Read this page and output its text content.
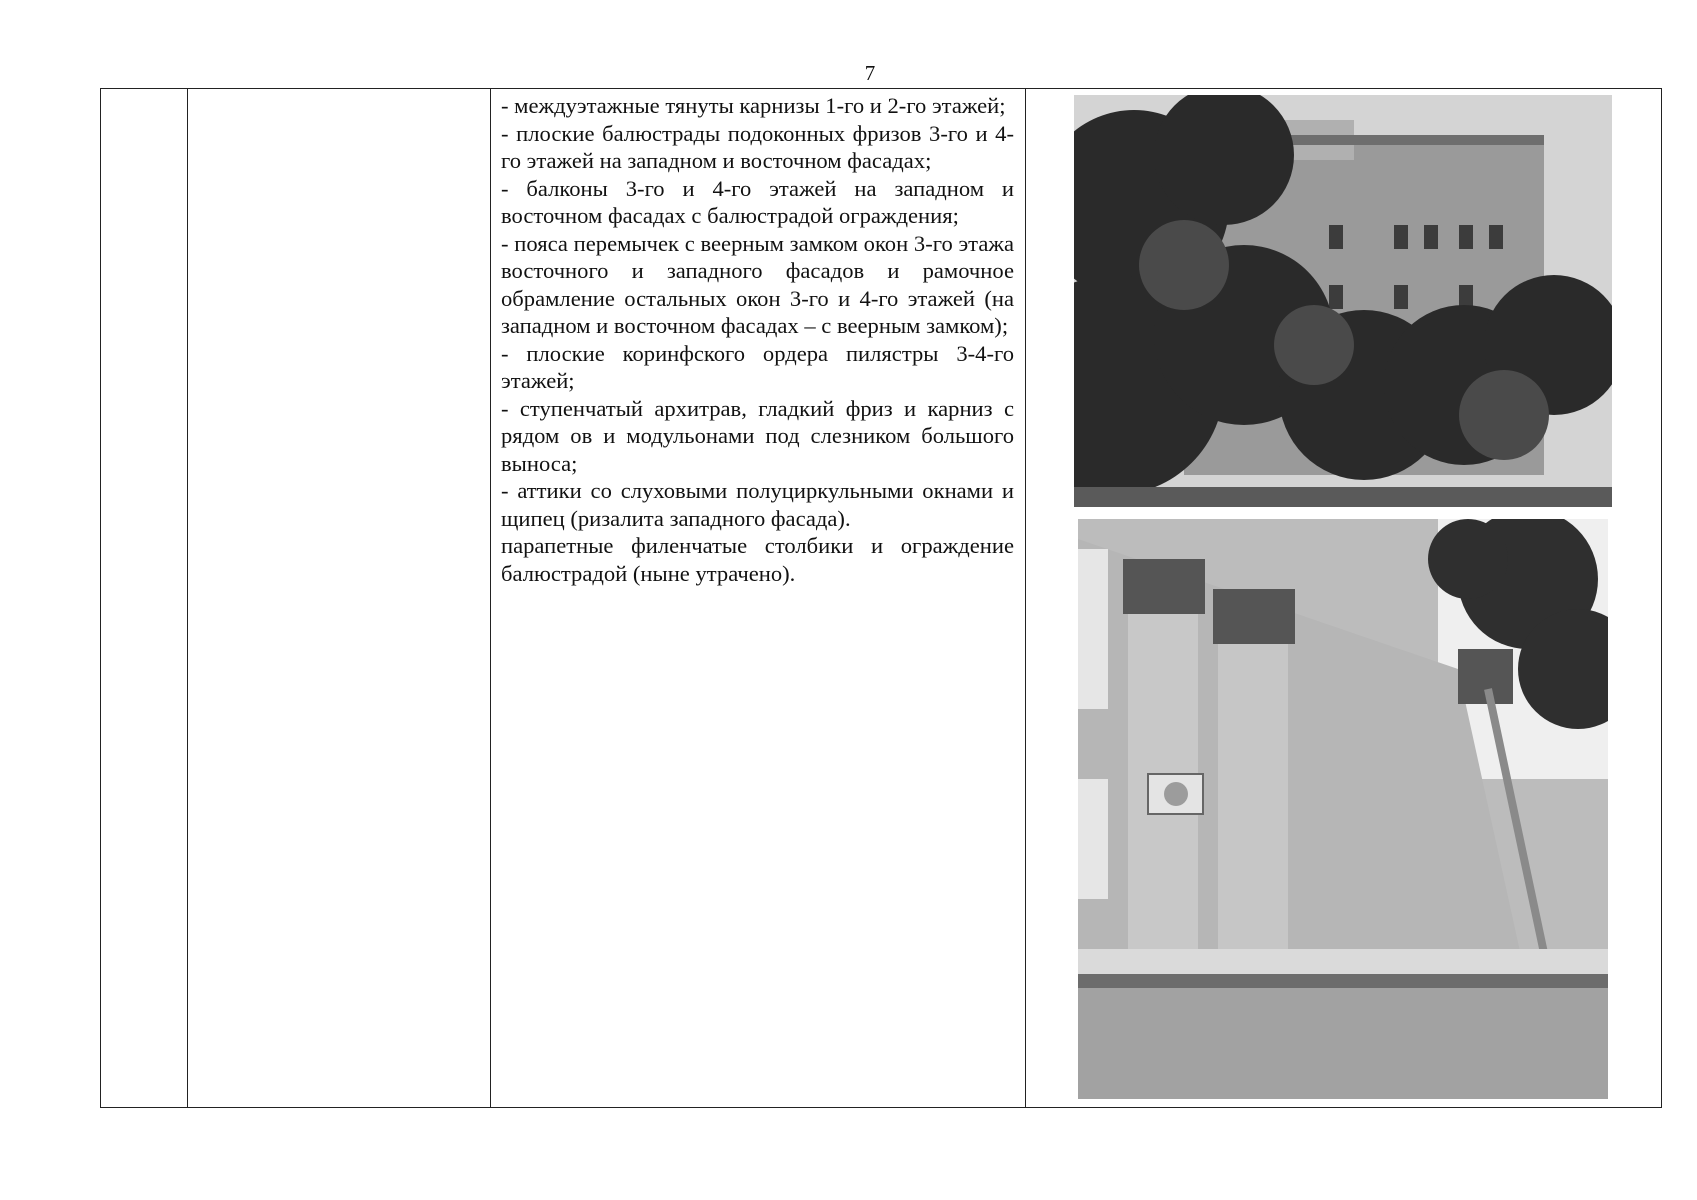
7

- междуэтажные тянуты карнизы 1-го и 2-го этажей;

- плоские балюстрады подоконных фризов 3-го и 4-го этажей на западном и восточном фасадах;

- балконы 3-го и 4-го этажей на западном и восточном фасадах с балюстрадой ограждения;

- пояса перемычек с веерным замком окон 3-го этажа восточного и западного фасадов и рамочное обрамление остальных окон 3-го и 4-го этажей (на западном и восточном фасадах – с веерным замком);

- плоские коринфского ордера пилястры 3-4-го этажей;

- ступенчатый архитрав, гладкий фриз и карниз с рядом ов и модульонами под слезником большого выноса;

- аттики со слуховыми полуциркульными окнами и щипец (ризалита западного фасада).

парапетные филенчатые столбики и ограждение балюстрадой (ныне утрачено).
